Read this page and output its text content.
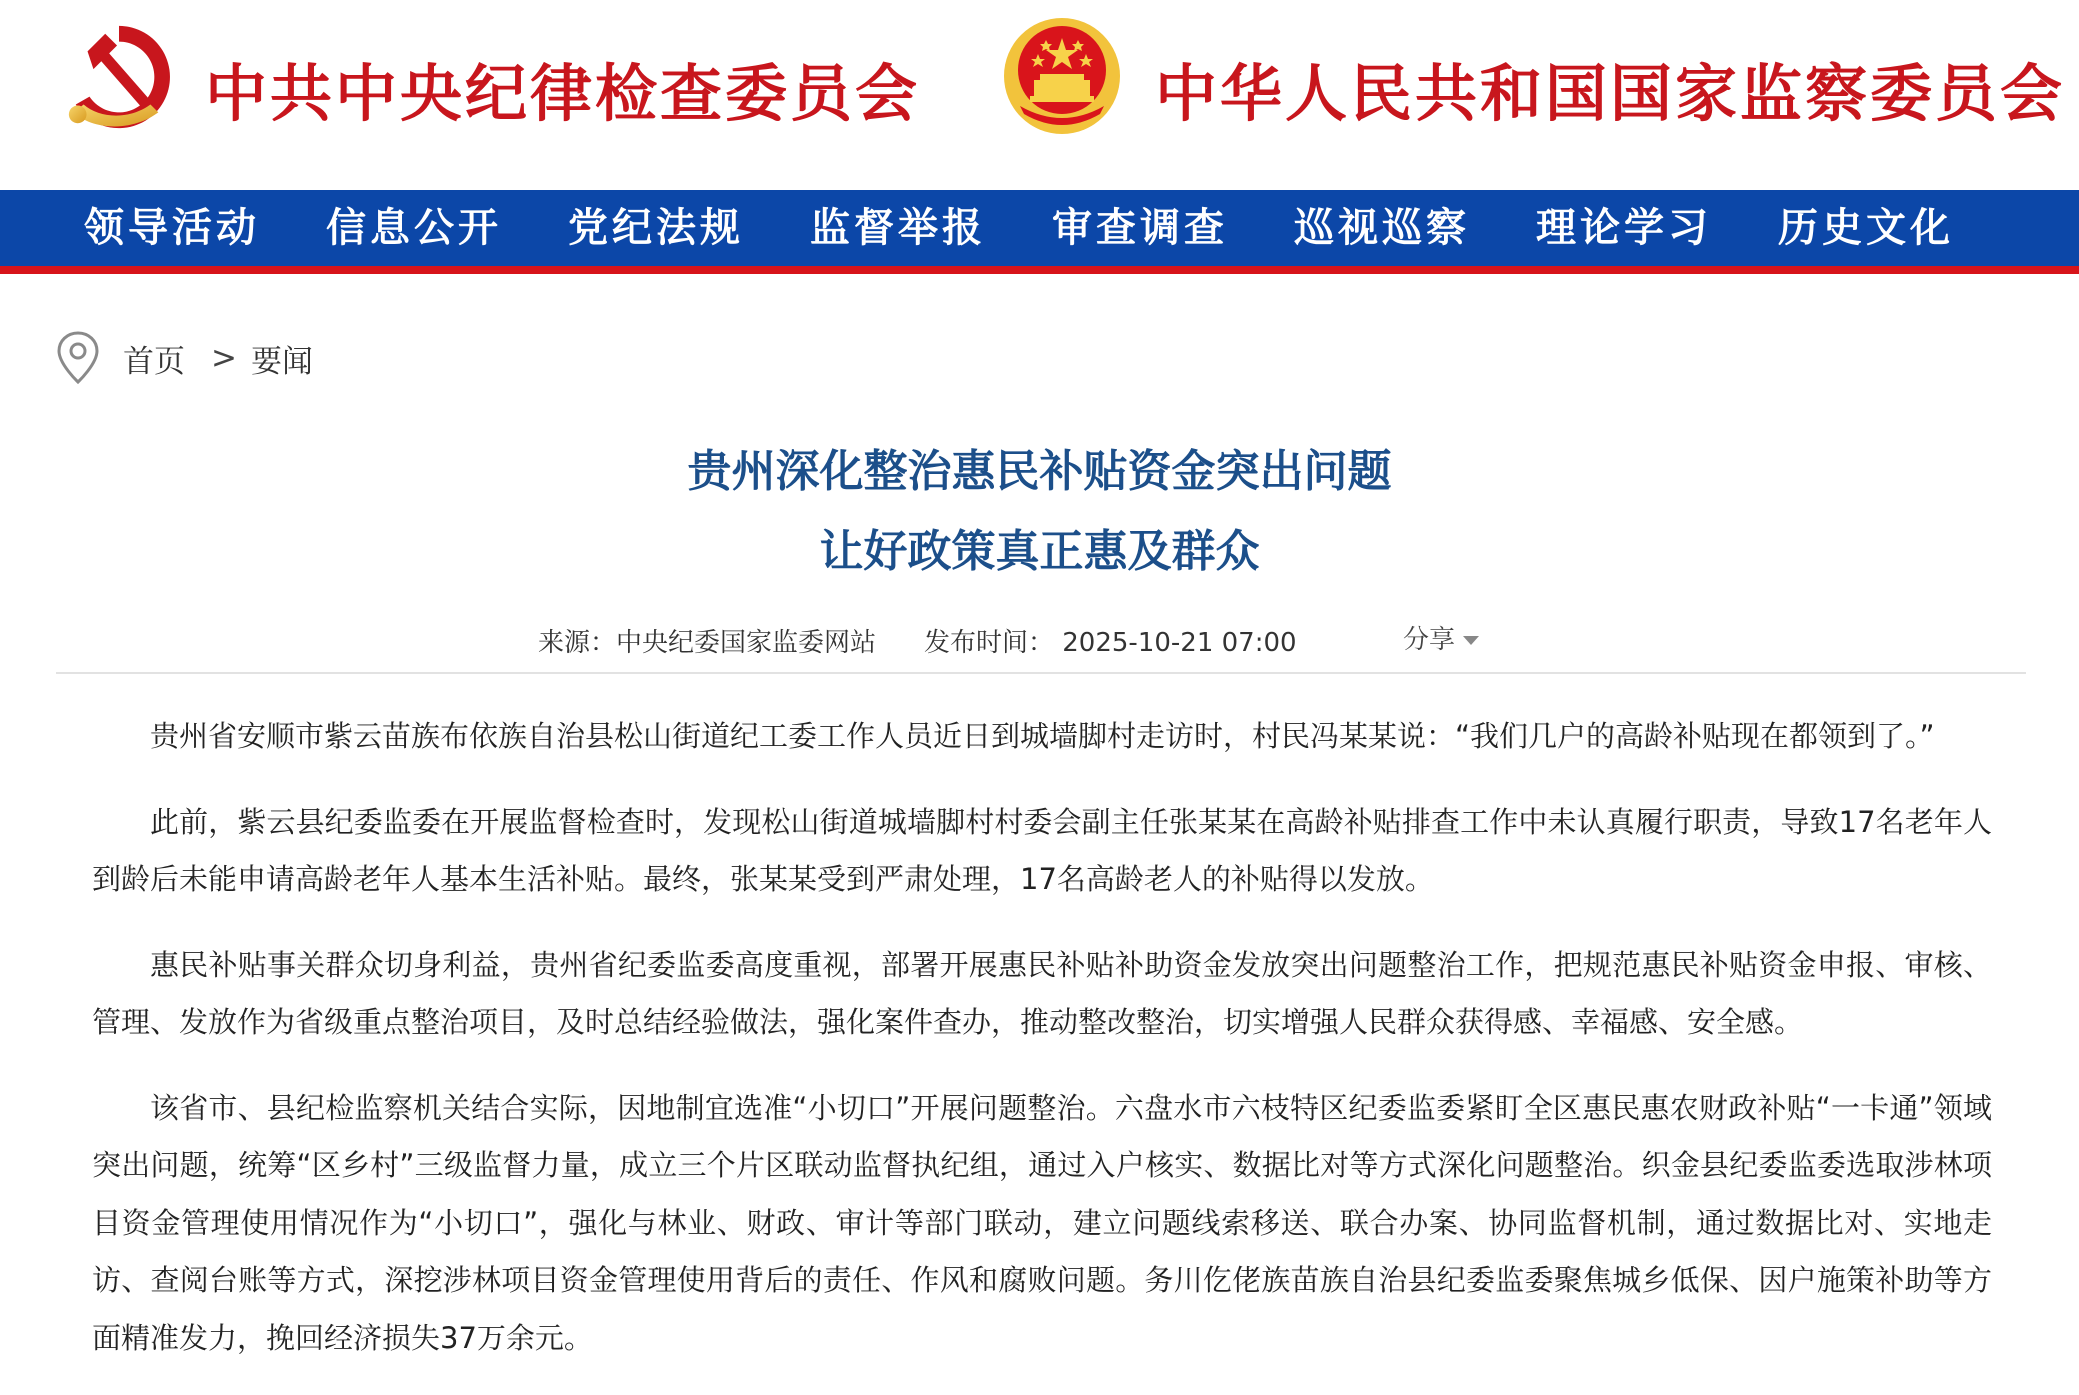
中共中央纪律检查委员会	中华人民共和国国家监察委员会
领导活动	信息公开	党纪法规	监督举报	审查调查	巡视巡察	理论学习	历史文化
首页 > 要闻
贵州深化整治惠民补贴资金突出问题
让好政策真正惠及群众
来源：中央纪委国家监委网站 发布时间： 2025-10-21 07:00	分享

贵州省安顺市紫云苗族布依族自治县松山街道纪工委工作人员近日到城墙脚村走访时，村民冯某某说：“我们几户的高龄补贴现在都领到了。”

此前，紫云县纪委监委在开展监督检查时，发现松山街道城墙脚村村委会副主任张某某在高龄补贴排查工作中未认真履行职责，导致17名老年人到龄后未能申请高龄老年人基本生活补贴。最终，张某某受到严肃处理，17名高龄老人的补贴得以发放。

惠民补贴事关群众切身利益，贵州省纪委监委高度重视，部署开展惠民补贴补助资金发放突出问题整治工作，把规范惠民补贴资金申报、审核、管理、发放作为省级重点整治项目，及时总结经验做法，强化案件查办，推动整改整治，切实增强人民群众获得感、幸福感、安全感。

该省市、县纪检监察机关结合实际，因地制宜选准“小切口”开展问题整治。六盘水市六枝特区纪委监委紧盯全区惠民惠农财政补贴“一卡通”领域突出问题，统筹“区乡村”三级监督力量，成立三个片区联动监督执纪组，通过入户核实、数据比对等方式深化问题整治。织金县纪委监委选取涉林项目资金管理使用情况作为“小切口”，强化与林业、财政、审计等部门联动，建立问题线索移送、联合办案、协同监督机制，通过数据比对、实地走访、查阅台账等方式，深挖涉林项目资金管理使用背后的责任、作风和腐败问题。务川仡佬族苗族自治县纪委监委聚焦城乡低保、因户施策补助等方面精准发力，挽回经济损失37万余元。
